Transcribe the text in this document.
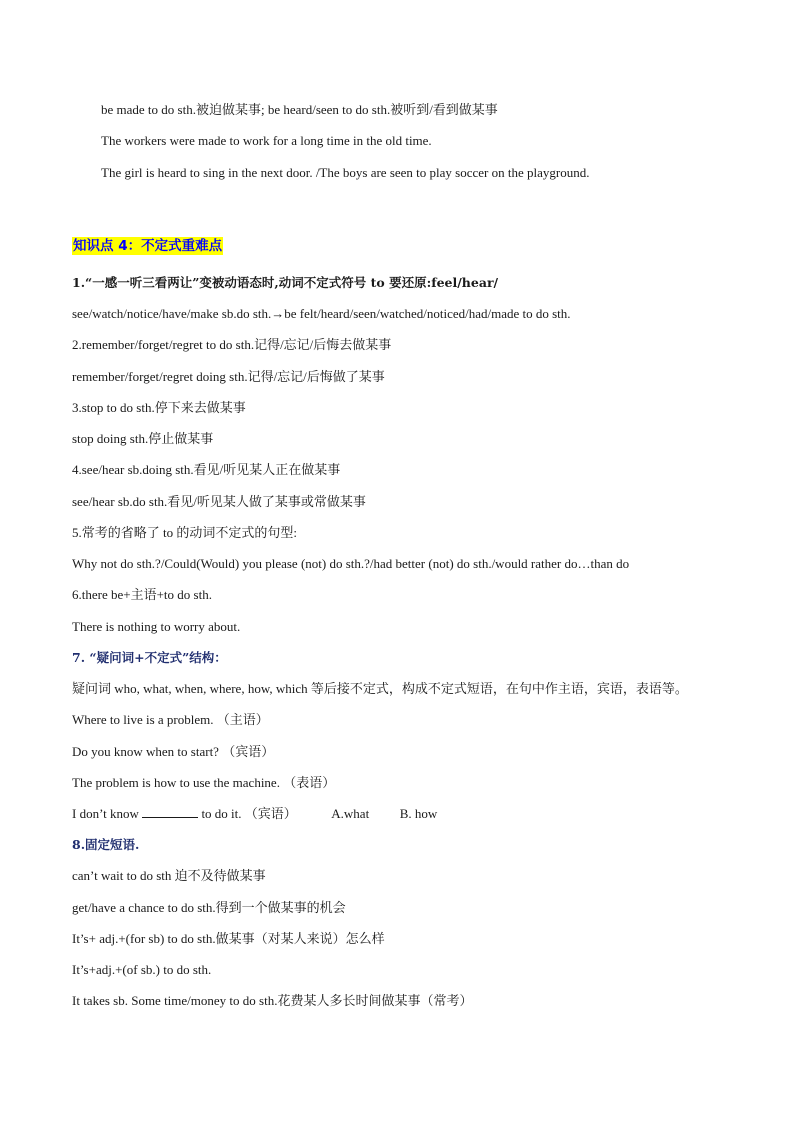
be made to do sth.被迫做某事; be heard/seen to do sth.被听到/看到做某事
The workers were made to work for a long time in the old time.
The girl is heard to sing in the next door. /The boys are seen to play soccer on the playground.
知识点 4：不定式重难点
1.“一感一听三看两让”变被动语态时,动词不定式符号 to 要还原:feel/hear/
see/watch/notice/have/make sb.do sth.→be felt/heard/seen/watched/noticed/had/made to do sth.
2.remember/forget/regret to do sth.记得/忘记/后悔去做某事
remember/forget/regret doing sth.记得/忘记/后悔做了某事
3.stop to do sth.停下来去做某事
stop doing sth.停止做某事
4.see/hear sb.doing sth.看见/听见某人正在做某事
see/hear sb.do sth.看见/听见某人做了某事或常做某事
5.常考的省略了 to 的动词不定式的句型:
Why not do sth.?/Could(Would) you please (not) do sth.?/had better (not) do sth./would rather do…than do
6.there be+主语+to do sth.
There is nothing to worry about.
7. “疑问词+不定式”结构：
疑问词 who, what, when, where, how, which 等后接不定式，构成不定式短语，在句中作主语，宾语，表语等。
Where to live is a problem. （主语）
Do you know when to start? （宾语）
The problem is how to use the machine. （表语）
I don’t know	to do it. （宾语）	A.what B. how
8.固定短语.
can’t wait to do sth 迫不及待做某事
get/have a chance to do sth.得到一个做某事的机会
It’s+ adj.+(for sb) to do sth.做某事（对某人来说）怎么样
It’s+adj.+(of sb.) to do sth.
It takes sb. Some time/money to do sth.花费某人多长时间做某事（常考）
